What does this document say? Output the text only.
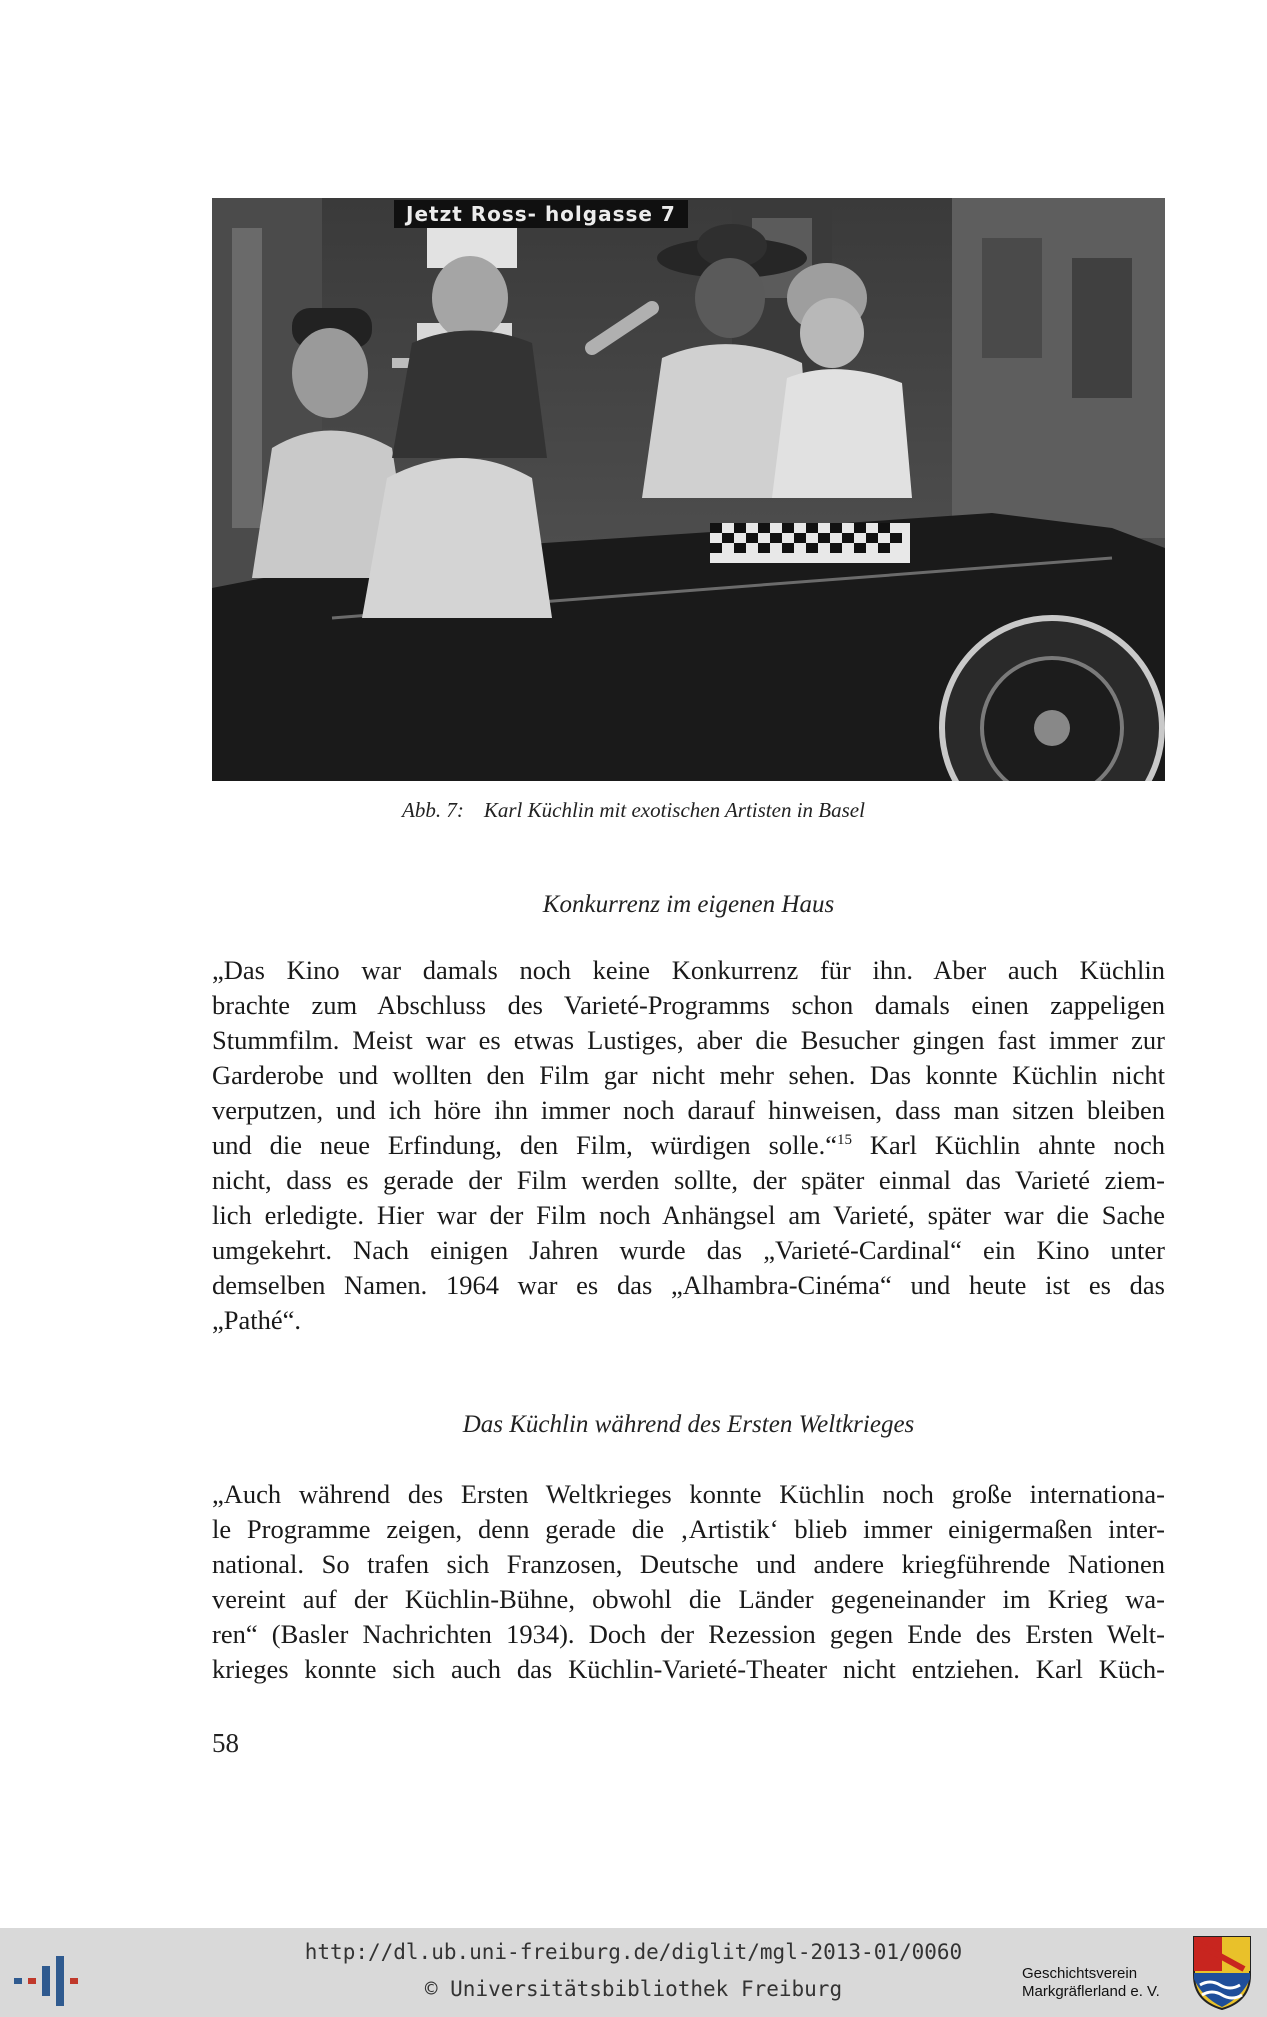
Jetzt Ross- holgasse 7
Abb. 7: Karl Küchlin mit exotischen Artisten in Basel
Konkurrenz im eigenen Haus
„Das Kino war damals noch keine Konkurrenz für ihn. Aber auch Küchlin
brachte zum Abschluss des Varieté-Programms schon damals einen zappeligen
Stummfilm. Meist war es etwas Lustiges, aber die Besucher gingen fast immer zur
Garderobe und wollten den Film gar nicht mehr sehen. Das konnte Küchlin nicht
verputzen, und ich höre ihn immer noch darauf hinweisen, dass man sitzen bleiben
und die neue Erfindung, den Film, würdigen solle.“$^{15}$ Karl Küchlin ahnte noch
nicht, dass es gerade der Film werden sollte, der später einmal das Varieté ziem-
lich erledigte. Hier war der Film noch Anhängsel am Varieté, später war die Sache
umgekehrt. Nach einigen Jahren wurde das „Varieté-Cardinal“ ein Kino unter
demselben Namen. 1964 war es das „Alhambra-Cinéma“ und heute ist es das
„Pathé“.
Das Küchlin während des Ersten Weltkrieges
„Auch während des Ersten Weltkrieges konnte Küchlin noch große internationa-
le Programme zeigen, denn gerade die ‚Artistik‘ blieb immer einigermaßen inter-
national. So trafen sich Franzosen, Deutsche und andere kriegführende Nationen
vereint auf der Küchlin-Bühne, obwohl die Länder gegeneinander im Krieg wa-
ren“ (Basler Nachrichten 1934). Doch der Rezession gegen Ende des Ersten Welt-
krieges konnte sich auch das Küchlin-Varieté-Theater nicht entziehen. Karl Küch-
58
http://dl.ub.uni-freiburg.de/diglit/mgl-2013-01/0060
© Universitätsbibliothek Freiburg
Geschichtsverein
Markgräflerland e. V.
